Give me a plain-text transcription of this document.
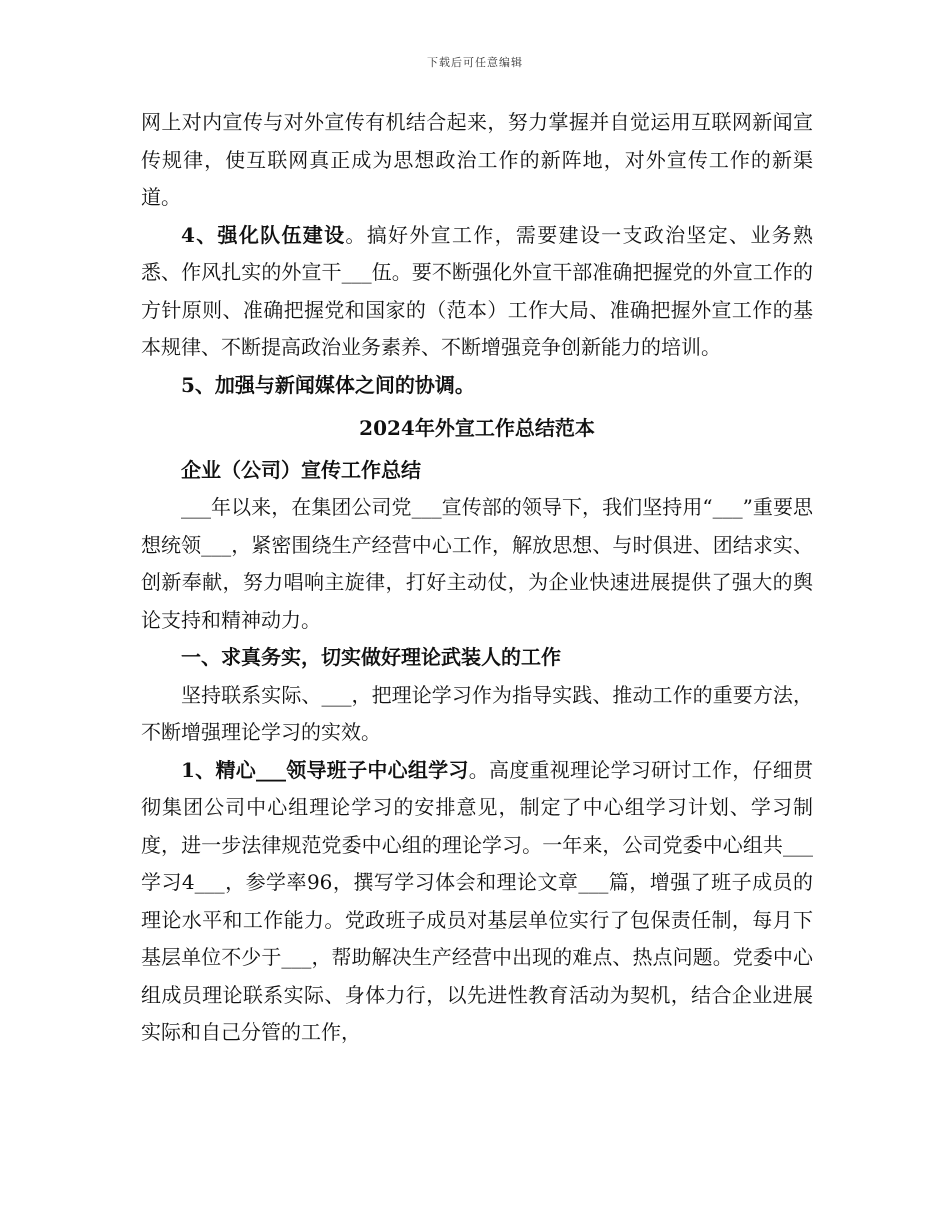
下载后可任意编辑

网上对内宣传与对外宣传有机结合起来，努力掌握并自觉运用互联网新闻宣传规律，使互联网真正成为思想政治工作的新阵地，对外宣传工作的新渠道。

4、强化队伍建设。搞好外宣工作，需要建设一支政治坚定、业务熟悉、作风扎实的外宣干___伍。要不断强化外宣干部准确把握党的外宣工作的方针原则、准确把握党和国家的（范本）工作大局、准确把握外宣工作的基本规律、不断提高政治业务素养、不断增强竞争创新能力的培训。

5、加强与新闻媒体之间的协调。

2024年外宣工作总结范本

企业（公司）宣传工作总结

___年以来，在集团公司党___宣传部的领导下，我们坚持用“___”重要思想统领___，紧密围绕生产经营中心工作，解放思想、与时俱进、团结求实、创新奉献，努力唱响主旋律，打好主动仗，为企业快速进展提供了强大的舆论支持和精神动力。

一、求真务实，切实做好理论武装人的工作

坚持联系实际、___，把理论学习作为指导实践、推动工作的重要方法，不断增强理论学习的实效。

1、精心___领导班子中心组学习。高度重视理论学习研讨工作，仔细贯彻集团公司中心组理论学习的安排意见，制定了中心组学习计划、学习制度，进一步法律规范党委中心组的理论学习。一年来，公司党委中心组共___学习4___，参学率96，撰写学习体会和理论文章___篇，增强了班子成员的理论水平和工作能力。党政班子成员对基层单位实行了包保责任制，每月下基层单位不少于___，帮助解决生产经营中出现的难点、热点问题。党委中心组成员理论联系实际、身体力行，以先进性教育活动为契机，结合企业进展实际和自己分管的工作，
